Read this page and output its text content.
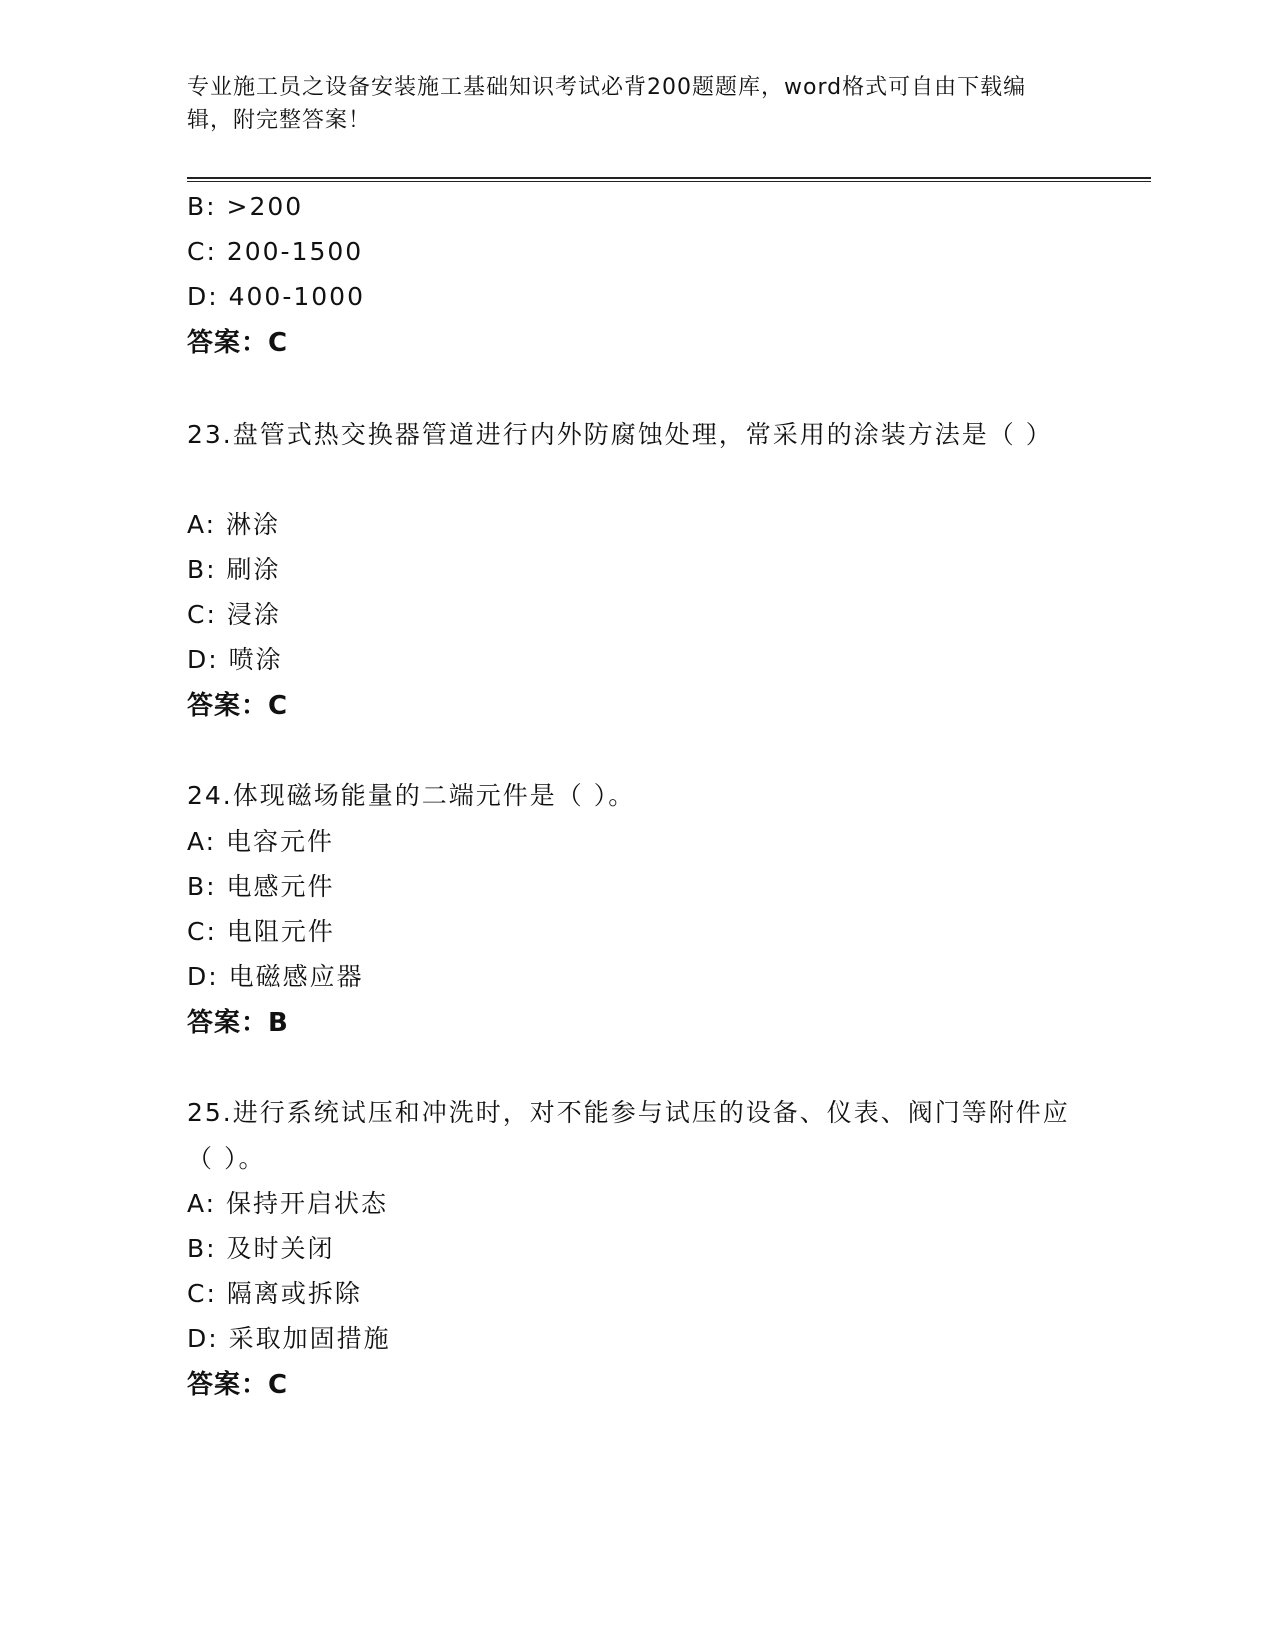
专业施工员之设备安装施工基础知识考试必背200题题库，word格式可自由下载编辑，附完整答案！
B: >200
C: 200-1500
D: 400-1000
答案：C
23.盘管式热交换器管道进行内外防腐蚀处理，常采用的涂装方法是（ ）
A: 淋涂
B: 刷涂
C: 浸涂
D: 喷涂
答案：C
24.体现磁场能量的二端元件是（ ）。
A: 电容元件
B: 电感元件
C: 电阻元件
D: 电磁感应器
答案：B
25.进行系统试压和冲洗时，对不能参与试压的设备、仪表、阀门等附件应（ ）。
A: 保持开启状态
B: 及时关闭
C: 隔离或拆除
D: 采取加固措施
答案：C
